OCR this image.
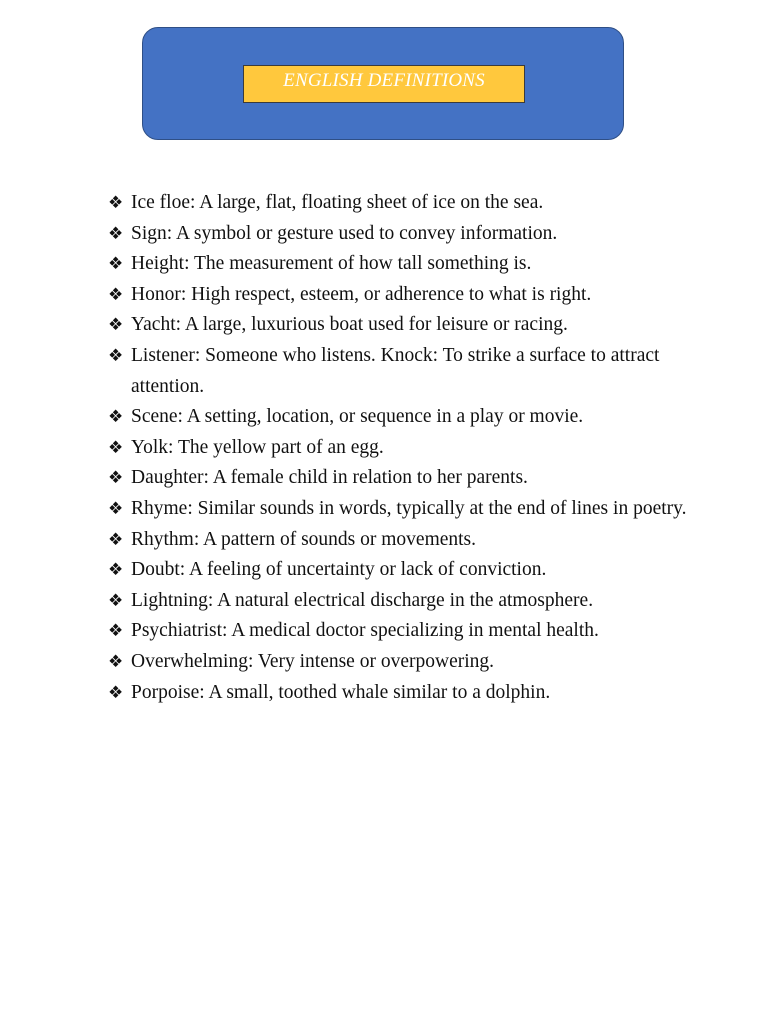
ENGLISH DEFINITIONS
❖ Ice floe: A large, flat, floating sheet of ice on the sea.
❖ Sign: A symbol or gesture used to convey information.
❖ Height: The measurement of how tall something is.
❖ Honor: High respect, esteem, or adherence to what is right.
❖ Yacht: A large, luxurious boat used for leisure or racing.
❖ Listener: Someone who listens. Knock: To strike a surface to attract attention.
❖ Scene: A setting, location, or sequence in a play or movie.
❖ Yolk: The yellow part of an egg.
❖ Daughter: A female child in relation to her parents.
❖ Rhyme: Similar sounds in words, typically at the end of lines in poetry.
❖ Rhythm: A pattern of sounds or movements.
❖ Doubt: A feeling of uncertainty or lack of conviction.
❖ Lightning: A natural electrical discharge in the atmosphere.
❖ Psychiatrist: A medical doctor specializing in mental health.
❖ Overwhelming: Very intense or overpowering.
❖ Porpoise: A small, toothed whale similar to a dolphin.
